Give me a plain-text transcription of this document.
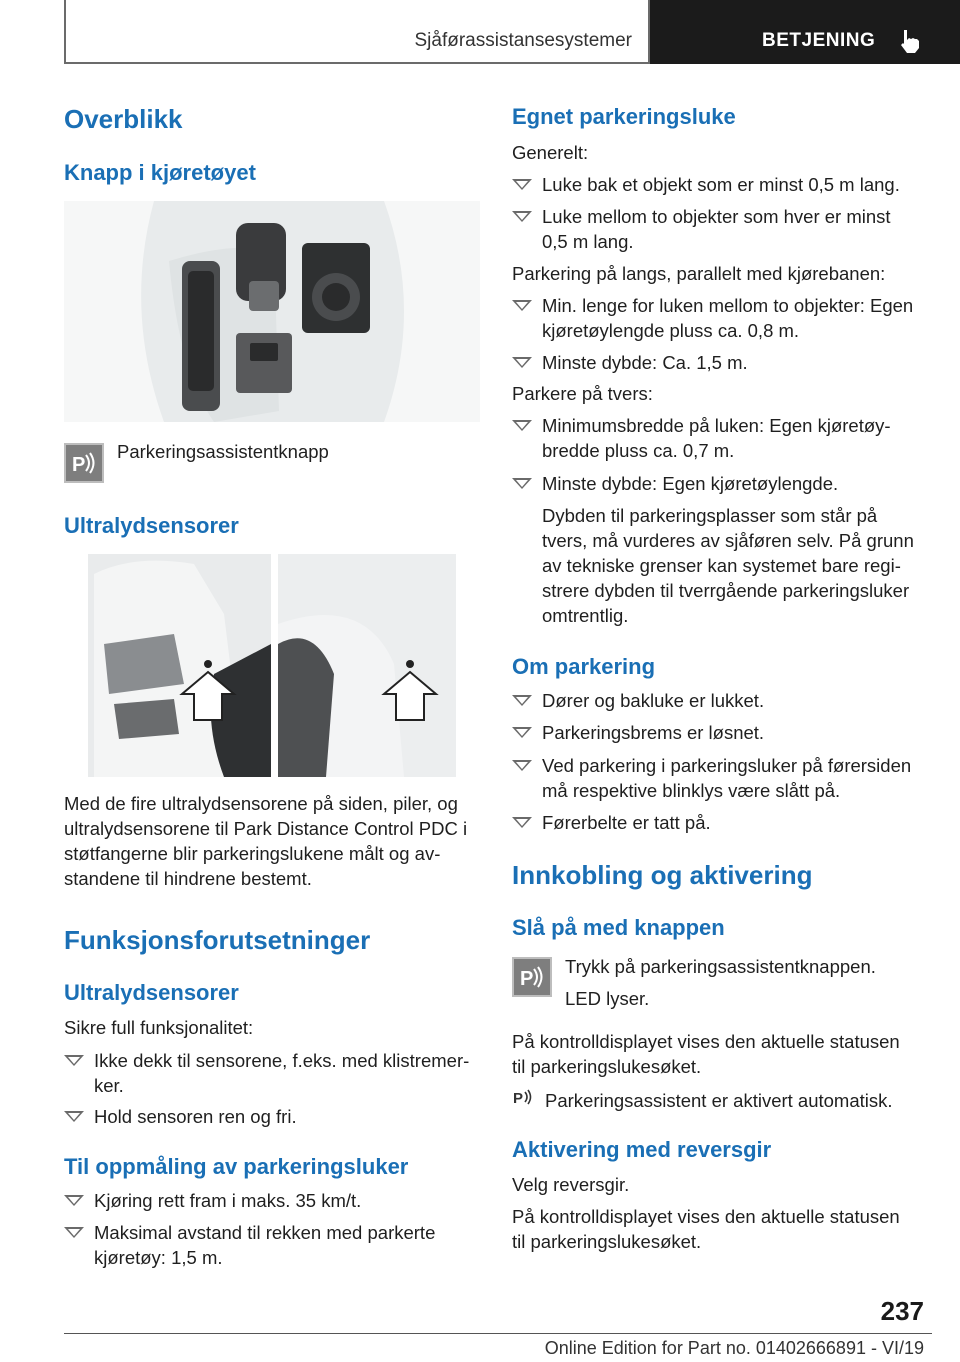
Sjåførassistansesystemer	BETJENING
Overblikk
Knapp i kjøretøyet
P
Parkeringsassistentknapp
Ultralydsensorer
Med de fire ultralydsensorene på siden, piler, og
ultralydsensorene til Park Distance Control PDC i
støtfangerne blir parkeringslukene målt og av-
standene til hindrene bestemt.
Funksjonsforutsetninger
Ultralydsensorer
Sikre full funksjonalitet:
Ikke dekk til sensorene, f.eks. med klistremer-
ker.
Hold sensoren ren og fri.
Til oppmåling av parkeringsluker
Kjøring rett fram i maks. 35 km/t.
Maksimal avstand til rekken med parkerte
kjøretøy: 1,5 m.
Egnet parkeringsluke
Generelt:
Luke bak et objekt som er minst 0,5 m lang.
Luke mellom to objekter som hver er minst
0,5 m lang.
Parkering på langs, parallelt med kjørebanen:
Min. lenge for luken mellom to objekter: Egen
kjøretøylengde pluss ca. 0,8 m.
Minste dybde: Ca. 1,5 m.
Parkere på tvers:
Minimumsbredde på luken: Egen kjøretøy-
bredde pluss ca. 0,7 m.
Minste dybde: Egen kjøretøylengde.
Dybden til parkeringsplasser som står på
tvers, må vurderes av sjåføren selv. På grunn
av tekniske grenser kan systemet bare regi-
strere dybden til tverrgående parkeringsluker
omtrentlig.
Om parkering
Dører og bakluke er lukket.
Parkeringsbrems er løsnet.
Ved parkering i parkeringsluker på førersiden
må respektive blinklys være slått på.
Førerbelte er tatt på.
Innkobling og aktivering
Slå på med knappen
P
Trykk på parkeringsassistentknappen.
LED lyser.
På kontrolldisplayet vises den aktuelle statusen
til parkeringslukesøket.
P Parkeringsassistent er aktivert automatisk.
Aktivering med reversgir
Velg reversgir.
På kontrolldisplayet vises den aktuelle statusen
til parkeringslukesøket.
237
Online Edition for Part no. 01402666891 - VI/19
